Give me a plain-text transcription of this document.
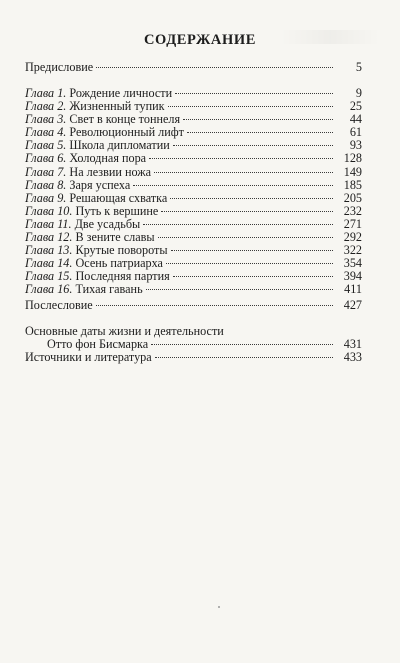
СОДЕРЖАНИЕ
Предисловие	5
Глава 1. Рождение личности	9
Глава 2. Жизненный тупик	25
Глава 3. Свет в конце тоннеля	44
Глава 4. Революционный лифт	61
Глава 5. Школа дипломатии	93
Глава 6. Холодная пора	128
Глава 7. На лезвии ножа	149
Глава 8. Заря успеха	185
Глава 9. Решающая схватка	205
Глава 10. Путь к вершине	232
Глава 11. Две усадьбы	271
Глава 12. В зените славы	292
Глава 13. Крутые повороты	322
Глава 14. Осень патриарха	354
Глава 15. Последняя партия	394
Глава 16. Тихая гавань	411
Послесловие	427
Основные даты жизни и деятельности
Отто фон Бисмарка	431
Источники и литература	433
